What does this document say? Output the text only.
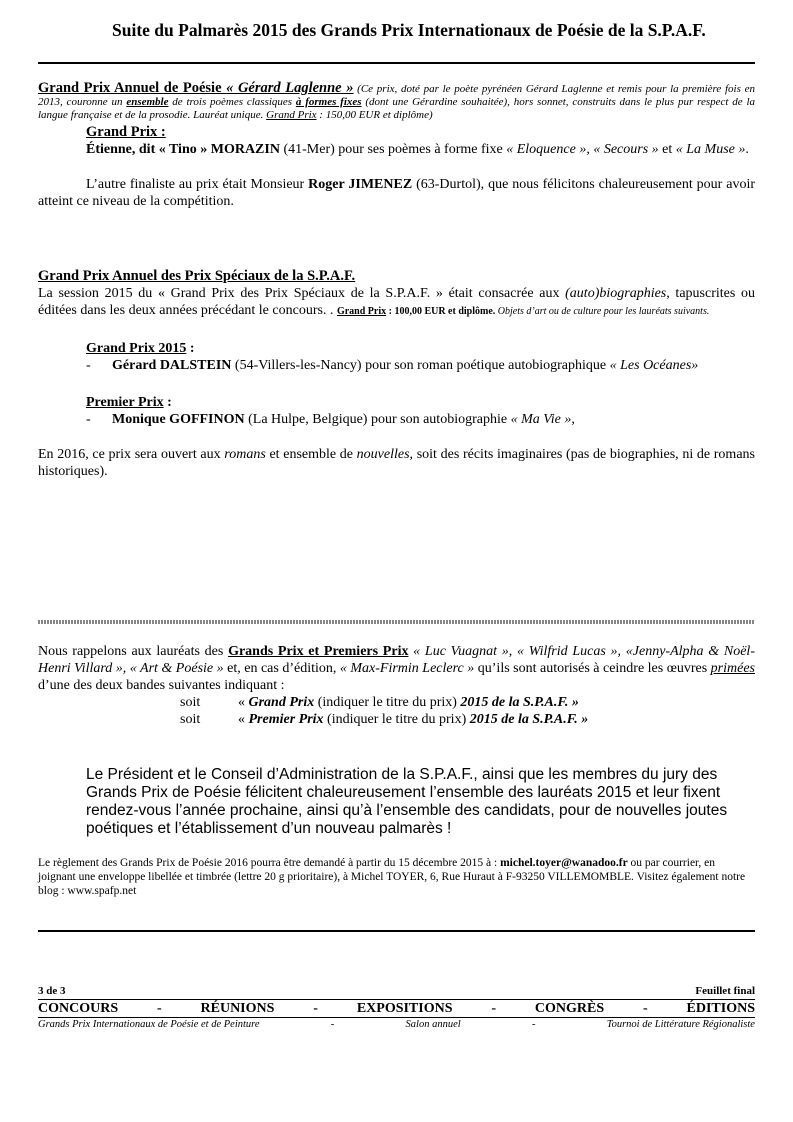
Suite du Palmarès 2015 des Grands Prix Internationaux de Poésie de la S.P.A.F.
Grand Prix Annuel de Poésie « Gérard Laglenne » (Ce prix, doté par le poète pyrénéen Gérard Laglenne et remis pour la première fois en 2013, couronne un ensemble de trois poèmes classiques à formes fixes (dont une Gérardine souhaitée), hors sonnet, construits dans le plus pur respect de la langue française et de la prosodie. Lauréat unique. Grand Prix : 150,00 EUR et diplôme)
Grand Prix :

Étienne, dit « Tino » MORAZIN (41-Mer) pour ses poèmes à forme fixe « Eloquence », « Secours » et « La Muse ».

L’autre finaliste au prix était Monsieur Roger JIMENEZ (63-Durtol), que nous félicitons chaleureusement pour avoir atteint ce niveau de la compétition.

Grand Prix Annuel des Prix Spéciaux de la S.P.A.F.

La session 2015 du « Grand Prix des Prix Spéciaux de la S.P.A.F. » était consacrée aux (auto)biographies, tapuscrites ou éditées dans les deux années précédant le concours. . Grand Prix : 100,00 EUR et diplôme. Objets d’art ou de culture pour les lauréats suivants.

Grand Prix 2015 :
- Gérard DALSTEIN (54-Villers-les-Nancy) pour son roman poétique autobiographique « Les Océanes»
Premier Prix :
- Monique GOFFINON (La Hulpe, Belgique) pour son autobiographie « Ma Vie »,

En 2016, ce prix sera ouvert aux romans et ensemble de nouvelles, soit des récits imaginaires (pas de biographies, ni de romans historiques).

Nous rappelons aux lauréats des Grands Prix et Premiers Prix « Luc Vuagnat », « Wilfrid Lucas », «Jenny-Alpha & Noël-Henri Villard », « Art & Poésie » et, en cas d’édition, « Max-Firmin Leclerc » qu’ils sont autorisés à ceindre les œuvres primées d’une des deux bandes suivantes indiquant :

soit	« Grand Prix (indiquer le titre du prix) 2015 de la S.P.A.F. »
soit	« Premier Prix (indiquer le titre du prix) 2015 de la S.P.A.F. »
Le Président et le Conseil d’Administration de la S.P.A.F., ainsi que les membres du jury des Grands Prix de Poésie félicitent chaleureusement l’ensemble des lauréats 2015 et leur fixent rendez-vous l’année prochaine, ainsi qu’à l’ensemble des candidats, pour de nouvelles joutes poétiques et l’établissement d’un nouveau palmarès !
Le règlement des Grands Prix de Poésie 2016 pourra être demandé à partir du 15 décembre 2015 à : michel.toyer@wanadoo.fr ou par courrier, en joignant une enveloppe libellée et timbrée (lettre 20 g prioritaire), à Michel TOYER, 6, Rue Huraut à F-93250 VILLEMOMBLE. Visitez également notre blog : www.spafp.net
3 de 3	Feuillet final
CONCOURS	-	RÉUNIONS	-	EXPOSITIONS	-	CONGRÈS	-	ÉDITIONS
Grands Prix Internationaux de Poésie et de Peinture	-	Salon annuel	-	Tournoi de Littérature Régionaliste
